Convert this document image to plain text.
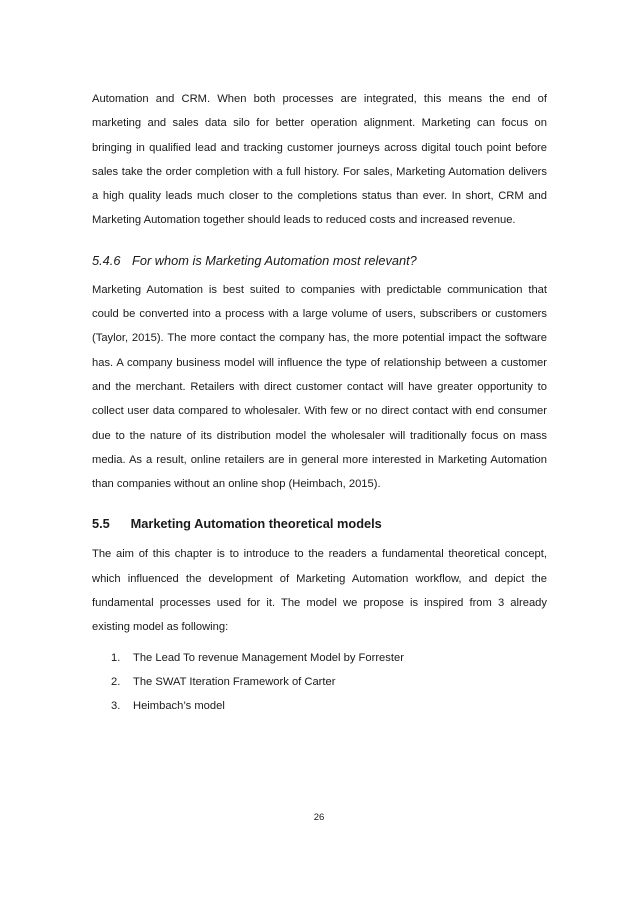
Automation and CRM. When both processes are integrated, this means the end of marketing and sales data silo for better operation alignment. Marketing can focus on bringing in qualified lead and tracking customer journeys across digital touch point before sales take the order completion with a full history. For sales, Marketing Automation delivers a high quality leads much closer to the completions status than ever. In short, CRM and Marketing Automation together should leads to reduced costs and increased revenue.

5.4.6 For whom is Marketing Automation most relevant?

Marketing Automation is best suited to companies with predictable communication that could be converted into a process with a large volume of users, subscribers or customers (Taylor, 2015). The more contact the company has, the more potential impact the software has. A company business model will influence the type of relationship between a customer and the merchant. Retailers with direct customer contact will have greater opportunity to collect user data compared to wholesaler. With few or no direct contact with end consumer due to the nature of its distribution model the wholesaler will traditionally focus on mass media. As a result, online retailers are in general more interested in Marketing Automation than companies without an online shop (Heimbach, 2015).

5.5 Marketing Automation theoretical models

The aim of this chapter is to introduce to the readers a fundamental theoretical concept, which influenced the development of Marketing Automation workflow, and depict the fundamental processes used for it. The model we propose is inspired from 3 already existing model as following:

1.	The Lead To revenue Management Model by Forrester
2.	The SWAT Iteration Framework of Carter
3.	Heimbach’s model
26
